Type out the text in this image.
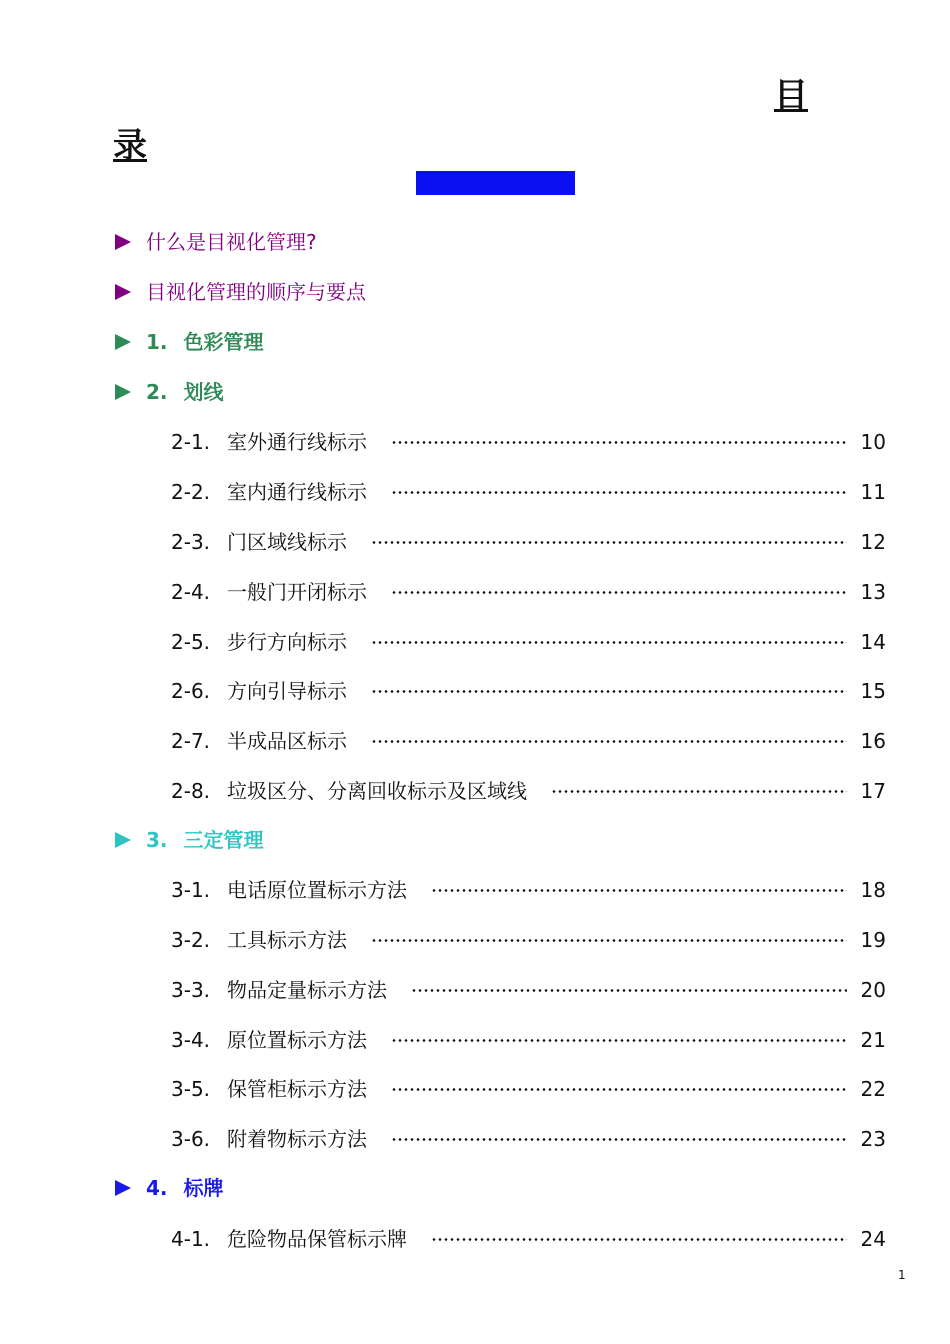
目
录
什么是目视化管理?
目视化管理的顺序与要点
1. 色彩管理
2. 划线
2-1. 室外通行线标示	10
2-2. 室内通行线标示	11
2-3. 门区域线标示	12
2-4. 一般门开闭标示	13
2-5. 步行方向标示	14
2-6. 方向引导标示	15
2-7. 半成品区标示	16
2-8. 垃圾区分、分离回收标示及区域线	17
3. 三定管理
3-1. 电话原位置标示方法	18
3-2. 工具标示方法	19
3-3. 物品定量标示方法	20
3-4. 原位置标示方法	21
3-5. 保管柜标示方法	22
3-6. 附着物标示方法	23
4. 标牌
4-1. 危险物品保管标示牌	24
1
